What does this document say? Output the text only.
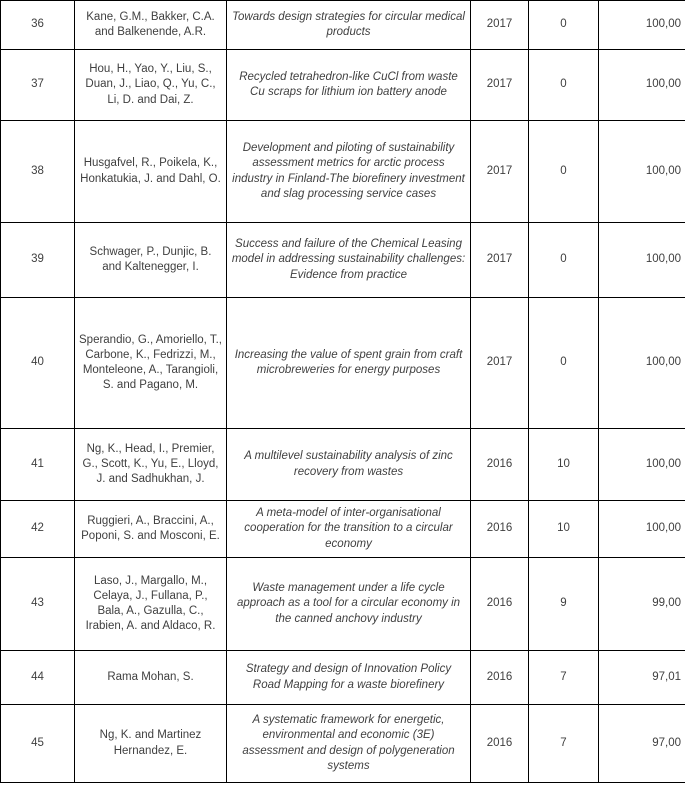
36	Kane, G.M., Bakker, C.A. and Balkenende, A.R.	Towards design strategies for circular medical products	2017	0	100,00
37	Hou, H., Yao, Y., Liu, S., Duan, J., Liao, Q., Yu, C., Li, D. and Dai, Z.	Recycled tetrahedron-like CuCl from waste Cu scraps for lithium ion battery anode	2017	0	100,00
38	Husgafvel, R., Poikela, K., Honkatukia, J. and Dahl, O.	Development and piloting of sustainability assessment metrics for arctic process industry in Finland-The biorefinery investment and slag processing service cases	2017	0	100,00
39	Schwager, P., Dunjic, B. and Kaltenegger, I.	Success and failure of the Chemical Leasing model in addressing sustainability challenges: Evidence from practice	2017	0	100,00
40	Sperandio, G., Amoriello, T., Carbone, K., Fedrizzi, M., Monteleone, A., Tarangioli, S. and Pagano, M.	Increasing the value of spent grain from craft microbreweries for energy purposes	2017	0	100,00
41	Ng, K., Head, I., Premier, G., Scott, K., Yu, E., Lloyd, J. and Sadhukhan, J.	A multilevel sustainability analysis of zinc recovery from wastes	2016	10	100,00
42	Ruggieri, A., Braccini, A., Poponi, S. and Mosconi, E.	A meta-model of inter-organisational cooperation for the transition to a circular economy	2016	10	100,00
43	Laso, J., Margallo, M., Celaya, J., Fullana, P., Bala, A., Gazulla, C., Irabien, A. and Aldaco, R.	Waste management under a life cycle approach as a tool for a circular economy in the canned anchovy industry	2016	9	99,00
44	Rama Mohan, S.	Strategy and design of Innovation Policy Road Mapping for a waste biorefinery	2016	7	97,01
45	Ng, K. and Martinez Hernandez, E.	A systematic framework for energetic, environmental and economic (3E) assessment and design of polygeneration systems	2016	7	97,00
